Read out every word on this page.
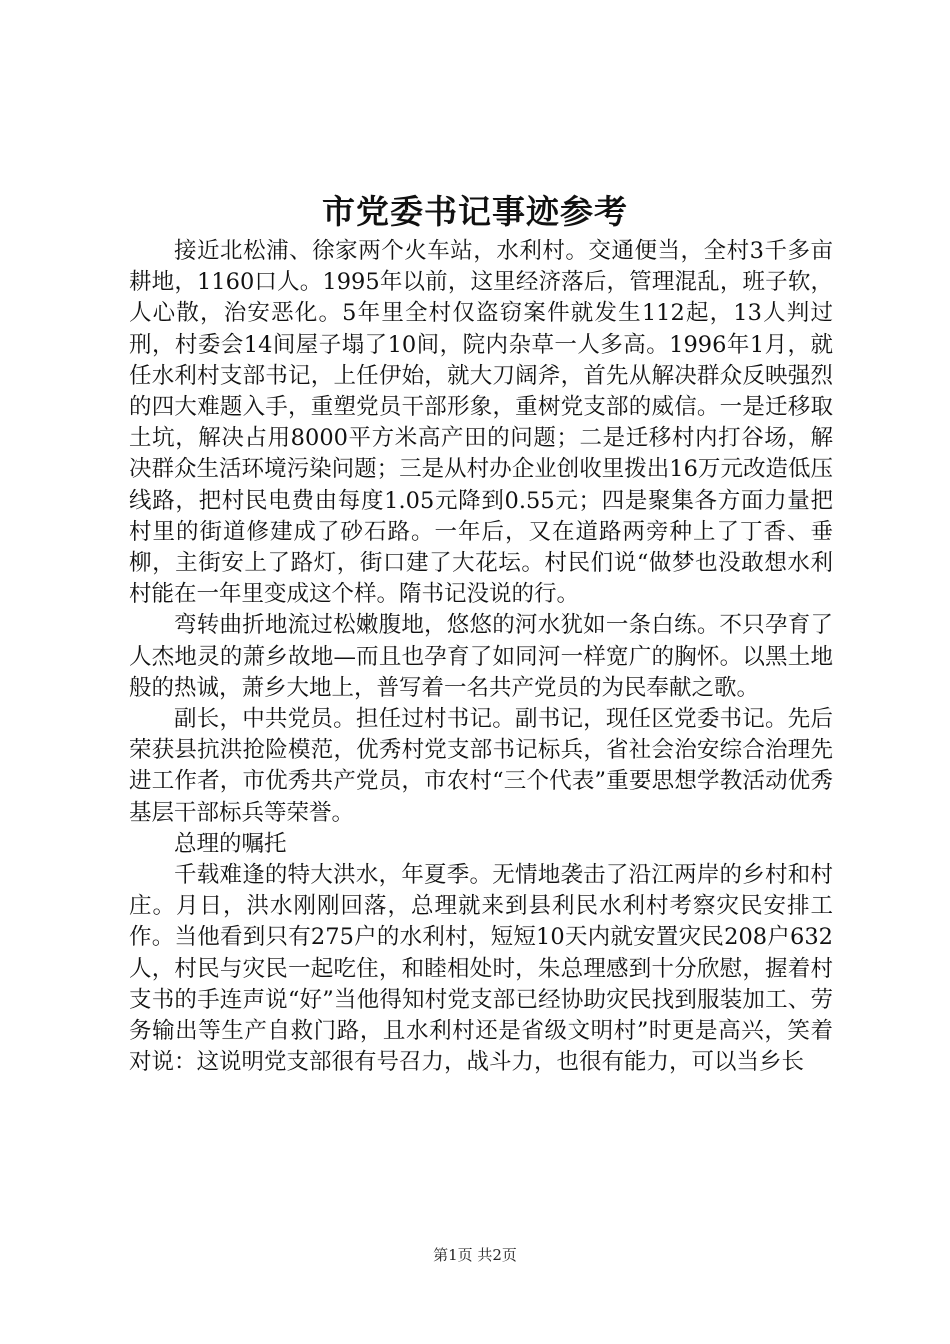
市党委书记事迹参考

接近北松浦、徐家两个火车站，水利村。交通便当，全村3千多亩耕地，1160口人。1995年以前，这里经济落后，管理混乱，班子软，人心散，治安恶化。5年里全村仅盗窃案件就发生112起，13人判过刑，村委会14间屋子塌了10间，院内杂草一人多高。1996年1月，就任水利村支部书记，上任伊始，就大刀阔斧，首先从解决群众反映强烈的四大难题入手，重塑党员干部形象，重树党支部的威信。一是迁移取土坑，解决占用8000平方米高产田的问题；二是迁移村内打谷场，解决群众生活环境污染问题；三是从村办企业创收里拨出16万元改造低压线路，把村民电费由每度1.05元降到0.55元；四是聚集各方面力量把村里的街道修建成了砂石路。一年后，又在道路两旁种上了丁香、垂柳，主街安上了路灯，街口建了大花坛。村民们说“做梦也没敢想水利村能在一年里变成这个样。隋书记没说的行。

弯转曲折地流过松嫩腹地，悠悠的河水犹如一条白练。不只孕育了人杰地灵的萧乡故地—而且也孕育了如同河一样宽广的胸怀。以黑土地般的热诚，萧乡大地上，普写着一名共产党员的为民奉献之歌。

副长，中共党员。担任过村书记。副书记，现任区党委书记。先后荣获县抗洪抢险模范，优秀村党支部书记标兵，省社会治安综合治理先进工作者，市优秀共产党员，市农村“三个代表”重要思想学教活动优秀基层干部标兵等荣誉。

总理的嘱托

千载难逢的特大洪水，年夏季。无情地袭击了沿江两岸的乡村和村庄。月日，洪水刚刚回落，总理就来到县利民水利村考察灾民安排工作。当他看到只有275户的水利村，短短10天内就安置灾民208户632人，村民与灾民一起吃住，和睦相处时，朱总理感到十分欣慰，握着村支书的手连声说“好”当他得知村党支部已经协助灾民找到服装加工、劳务输出等生产自救门路，且水利村还是省级文明村”时更是高兴，笑着对说：这说明党支部很有号召力，战斗力，也很有能力，可以当乡长

第1页 共2页
